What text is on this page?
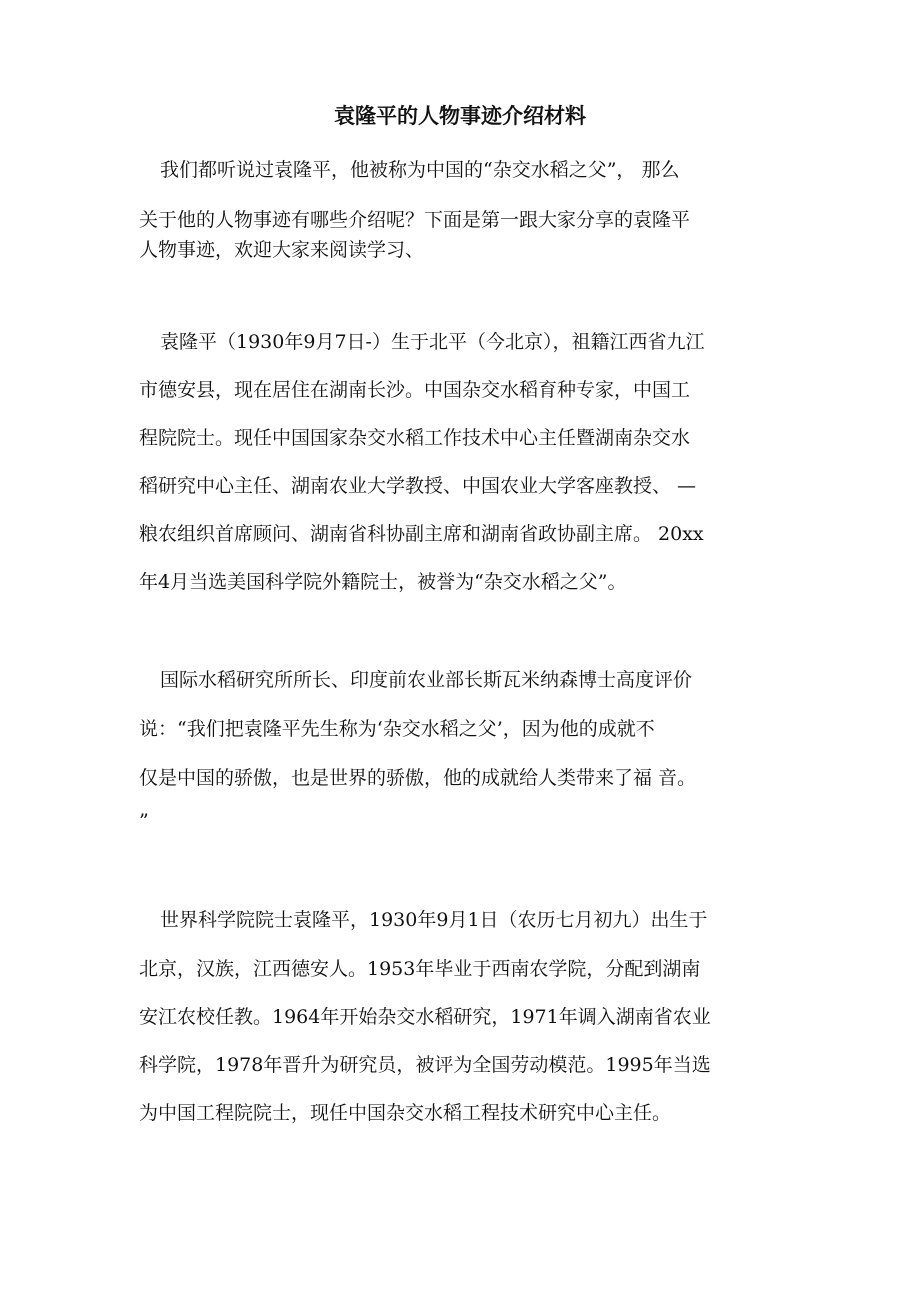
袁隆平的人物事迹介绍材料

我们都听说过袁隆平，他被称为中国的“杂交水稻之父”， 那么

关于他的人物事迹有哪些介绍呢？下面是第一跟大家分享的袁隆平

人物事迹，欢迎大家来阅读学习、

袁隆平（1930年9月7日-）生于北平（今北京），祖籍江西省九江

市德安县，现在居住在湖南长沙。中国杂交水稻育种专家，中国工

程院院士。现任中国国家杂交水稻工作技术中心主任暨湖南杂交水

稻研究中心主任、湖南农业大学教授、中国农业大学客座教授、 —

粮农组织首席顾问、湖南省科协副主席和湖南省政协副主席。 20xx

年4月当选美国科学院外籍院士，被誉为“杂交水稻之父”。

国际水稻研究所所长、印度前农业部长斯瓦米纳森博士高度评价

说：“我们把袁隆平先生称为‘杂交水稻之父’，因为他的成就不

仅是中国的骄傲，也是世界的骄傲，他的成就给人类带来了福 音。

”

世界科学院院士袁隆平，1930年9月1日（农历七月初九）出生于

北京，汉族，江西德安人。1953年毕业于西南农学院，分配到湖南

安江农校任教。1964年开始杂交水稻研究，1971年调入湖南省农业

科学院，1978年晋升为研究员，被评为全国劳动模范。1995年当选

为中国工程院院士，现任中国杂交水稻工程技术研究中心主任。
